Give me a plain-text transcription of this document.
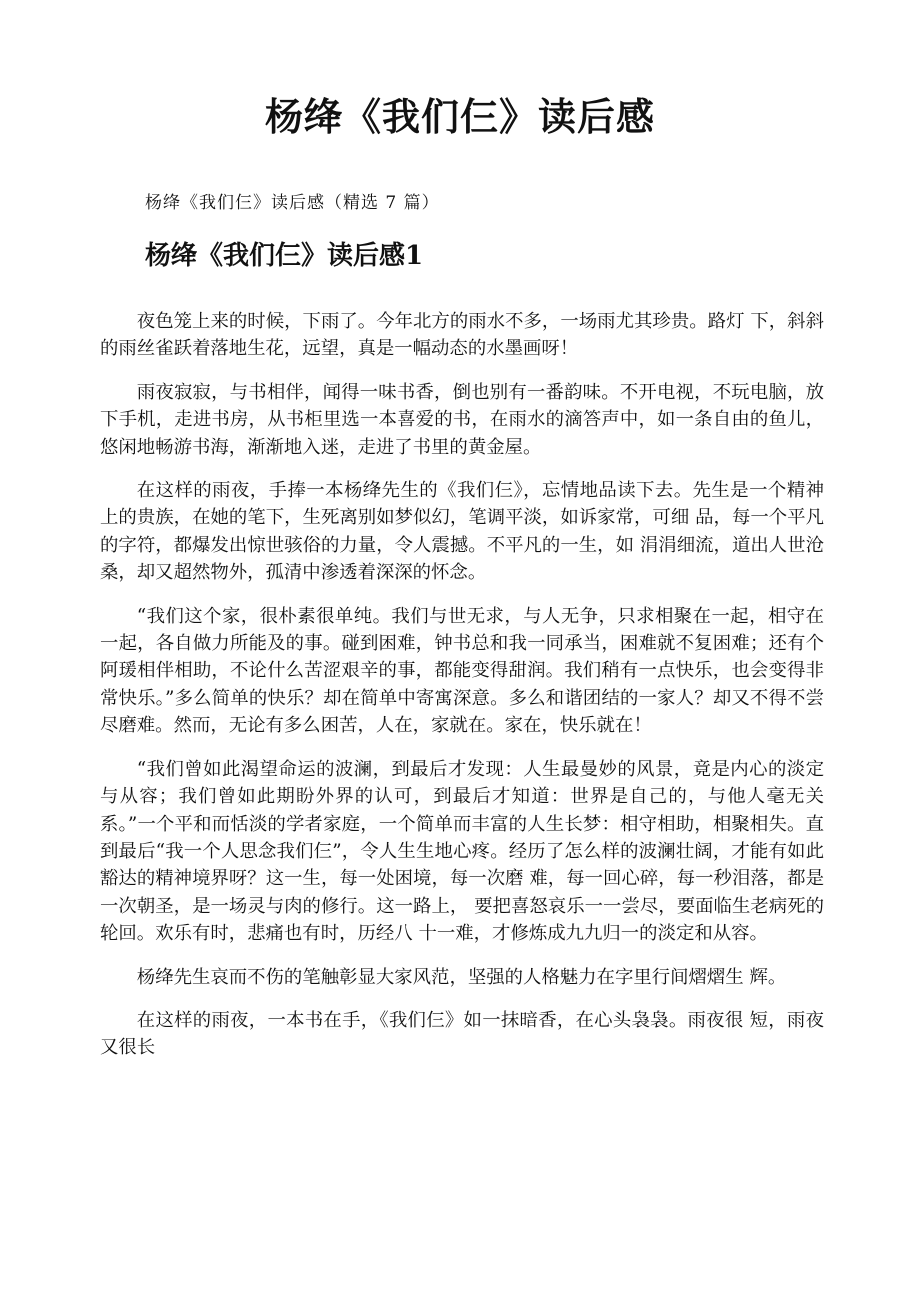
杨绛《我们仨》读后感

杨绛《我们仨》读后感（精选 7 篇）

杨绛《我们仨》读后感1

夜色笼上来的时候，下雨了。今年北方的雨水不多，一场雨尤其珍贵。路灯 下，斜斜的雨丝雀跃着落地生花，远望，真是一幅动态的水墨画呀！

雨夜寂寂，与书相伴，闻得一味书香，倒也别有一番韵味。不开电视，不玩电脑，放下手机，走进书房，从书柜里选一本喜爱的书，在雨水的滴答声中，如一条自由的鱼儿，悠闲地畅游书海，渐渐地入迷，走进了书里的黄金屋。

在这样的雨夜，手捧一本杨绛先生的《我们仨》，忘情地品读下去。先生是一个精神上的贵族，在她的笔下，生死离别如梦似幻，笔调平淡，如诉家常，可细 品，每一个平凡的字符，都爆发出惊世骇俗的力量，令人震撼。不平凡的一生，如 涓涓细流，道出人世沧桑，却又超然物外，孤清中渗透着深深的怀念。

“我们这个家，很朴素很单纯。我们与世无求，与人无争，只求相聚在一起，相守在一起，各自做力所能及的事。碰到困难，钟书总和我一同承当，困难就不复困难；还有个阿瑗相伴相助，不论什么苦涩艰辛的事，都能变得甜润。我们稍有一点快乐，也会变得非常快乐。”多么简单的快乐？却在简单中寄寓深意。多么和谐团结的一家人？却又不得不尝尽磨难。然而，无论有多么困苦，人在，家就在。家在，快乐就在！

“我们曾如此渴望命运的波澜，到最后才发现：人生最曼妙的风景，竟是内心的淡定与从容；我们曾如此期盼外界的认可，到最后才知道：世界是自己的，与他人毫无关系。”一个平和而恬淡的学者家庭，一个简单而丰富的人生长梦：相守相助，相聚相失。直到最后“我一个人思念我们仨”，令人生生地心疼。经历了怎么样的波澜壮阔，才能有如此豁达的精神境界呀？这一生，每一处困境，每一次磨 难，每一回心碎，每一秒泪落，都是一次朝圣，是一场灵与肉的修行。这一路上， 要把喜怒哀乐一一尝尽，要面临生老病死的轮回。欢乐有时，悲痛也有时，历经八 十一难，才修炼成九九归一的淡定和从容。

杨绛先生哀而不伤的笔触彰显大家风范，坚强的人格魅力在字里行间熠熠生 辉。

在这样的雨夜，一本书在手，《我们仨》如一抹暗香，在心头袅袅。雨夜很 短，雨夜又很长
